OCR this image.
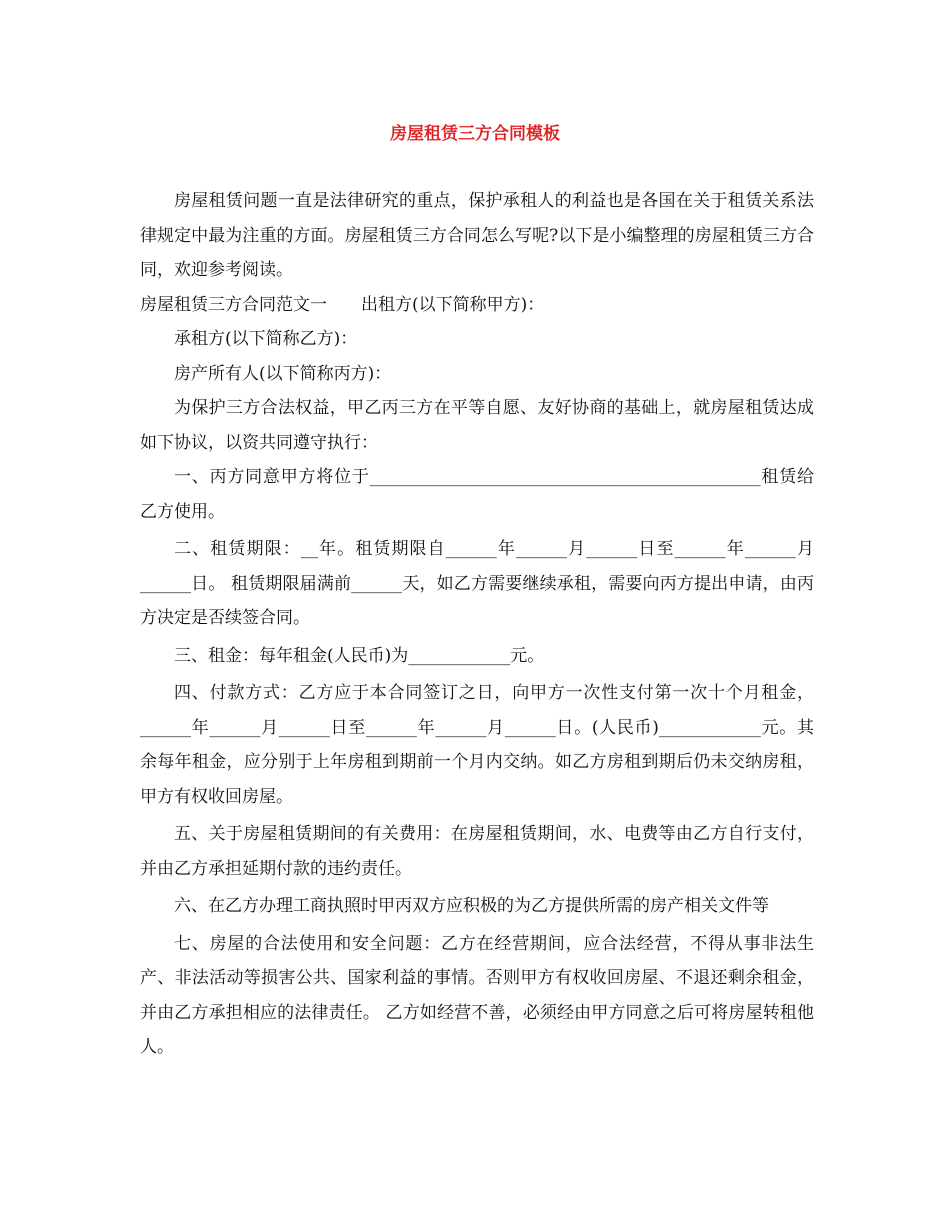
房屋租赁三方合同模板

房屋租赁问题一直是法律研究的重点，保护承租人的利益也是各国在关于租赁关系法律规定中最为注重的方面。房屋租赁三方合同怎么写呢?以下是小编整理的房屋租赁三方合同，欢迎参考阅读。

房屋租赁三方合同范文一　　出租方(以下简称甲方)：

承租方(以下简称乙方)：

房产所有人(以下简称丙方)：

为保护三方合法权益，甲乙丙三方在平等自愿、友好协商的基础上，就房屋租赁达成如下协议，以资共同遵守执行：

一、丙方同意甲方将位于______________________________________________租赁给乙方使用。

二、租赁期限：__年。租赁期限自______年______月______日至______年______月______日。 租赁期限届满前______天，如乙方需要继续承租，需要向丙方提出申请，由丙方决定是否续签合同。

三、租金：每年租金(人民币)为____________元。

四、付款方式：乙方应于本合同签订之日，向甲方一次性支付第一次十个月租金， ______年______月______日至______年______月______日。(人民币)____________元。其余每年租金，应分别于上年房租到期前一个月内交纳。如乙方房租到期后仍未交纳房租，甲方有权收回房屋。

五、关于房屋租赁期间的有关费用：在房屋租赁期间，水、电费等由乙方自行支付，并由乙方承担延期付款的违约责任。

六、在乙方办理工商执照时甲丙双方应积极的为乙方提供所需的房产相关文件等

七、房屋的合法使用和安全问题：乙方在经营期间，应合法经营，不得从事非法生产、非法活动等损害公共、国家利益的事情。否则甲方有权收回房屋、不退还剩余租金，并由乙方承担相应的法律责任。 乙方如经营不善，必须经由甲方同意之后可将房屋转租他人。
